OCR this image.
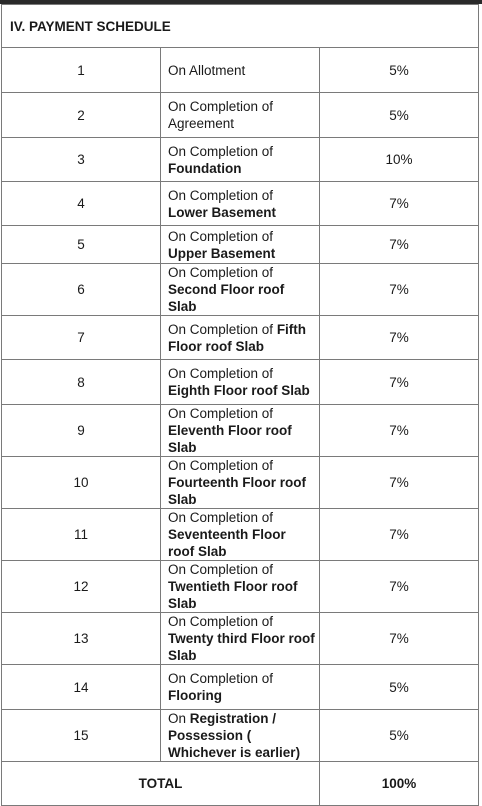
IV. PAYMENT SCHEDULE		
1	On Allotment	5%
2	On Completion of Agreement	5%
3	On Completion of Foundation	10%
4	On Completion of Lower Basement	7%
5	On Completion of Upper Basement	7%
6	On Completion of Second Floor roof Slab	7%
7	On Completion of Fifth Floor roof Slab	7%
8	On Completion of Eighth Floor roof Slab	7%
9	On Completion of Eleventh Floor roof Slab	7%
10	On Completion of Fourteenth Floor roof Slab	7%
11	On Completion of Seventeenth Floor roof Slab	7%
12	On Completion of Twentieth Floor roof Slab	7%
13	On Completion of Twenty third Floor roof Slab	7%
14	On Completion of Flooring	5%
15	On Registration / Possession ( Whichever is earlier)	5%
TOTAL		100%
